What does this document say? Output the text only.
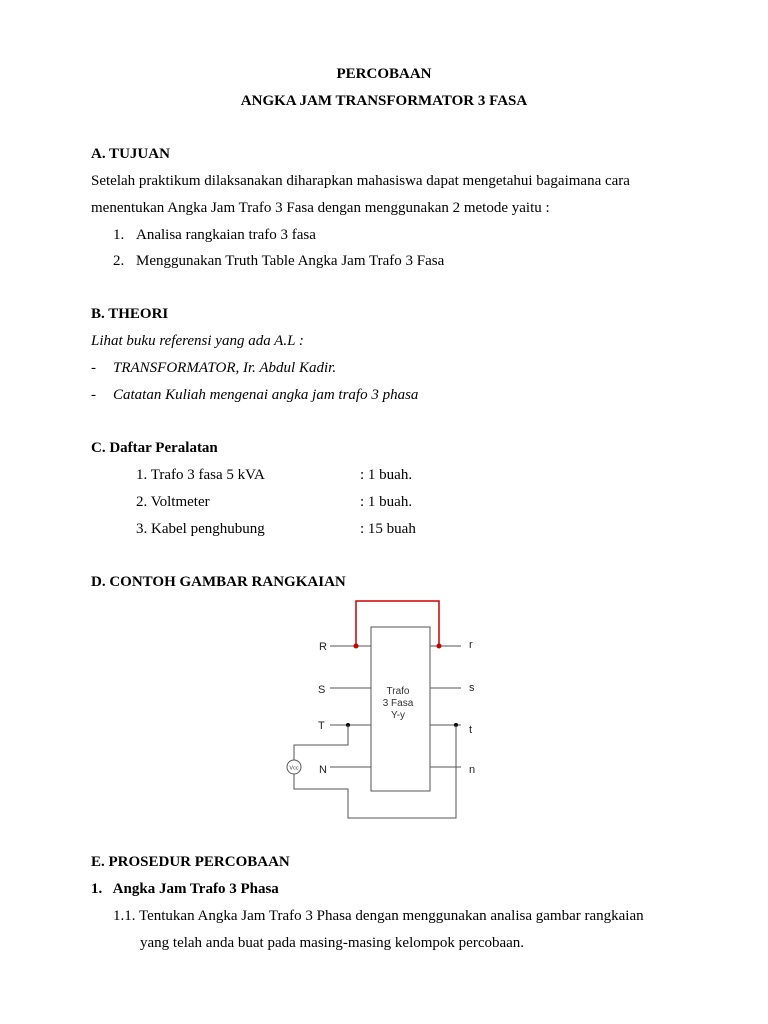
PERCOBAAN
ANGKA JAM TRANSFORMATOR 3 FASA
A. TUJUAN
Setelah praktikum dilaksanakan diharapkan mahasiswa dapat mengetahui bagaimana cara
menentukan Angka Jam Trafo 3 Fasa dengan menggunakan 2 metode yaitu :
1. Analisa rangkaian trafo 3 fasa
2. Menggunakan Truth Table Angka Jam Trafo 3 Fasa
B. THEORI
Lihat buku referensi yang ada A.L :
- TRANSFORMATOR, Ir. Abdul Kadir.
- Catatan Kuliah mengenai angka jam trafo 3 phasa
C. Daftar Peralatan
1. Trafo 3 fasa 5 kVA	: 1 buah.
2. Voltmeter	: 1 buah.
3. Kabel penghubung	: 15 buah
D. CONTOH GAMBAR RANGKAIAN
Trafo
3 Fasa
Y-y
Vcc
R
S
T
N
r
s
t
n
E. PROSEDUR PERCOBAAN
1.   Angka Jam Trafo 3 Phasa
1.1. Tentukan Angka Jam Trafo 3 Phasa dengan menggunakan analisa gambar rangkaian
yang telah anda buat pada masing-masing kelompok percobaan.
